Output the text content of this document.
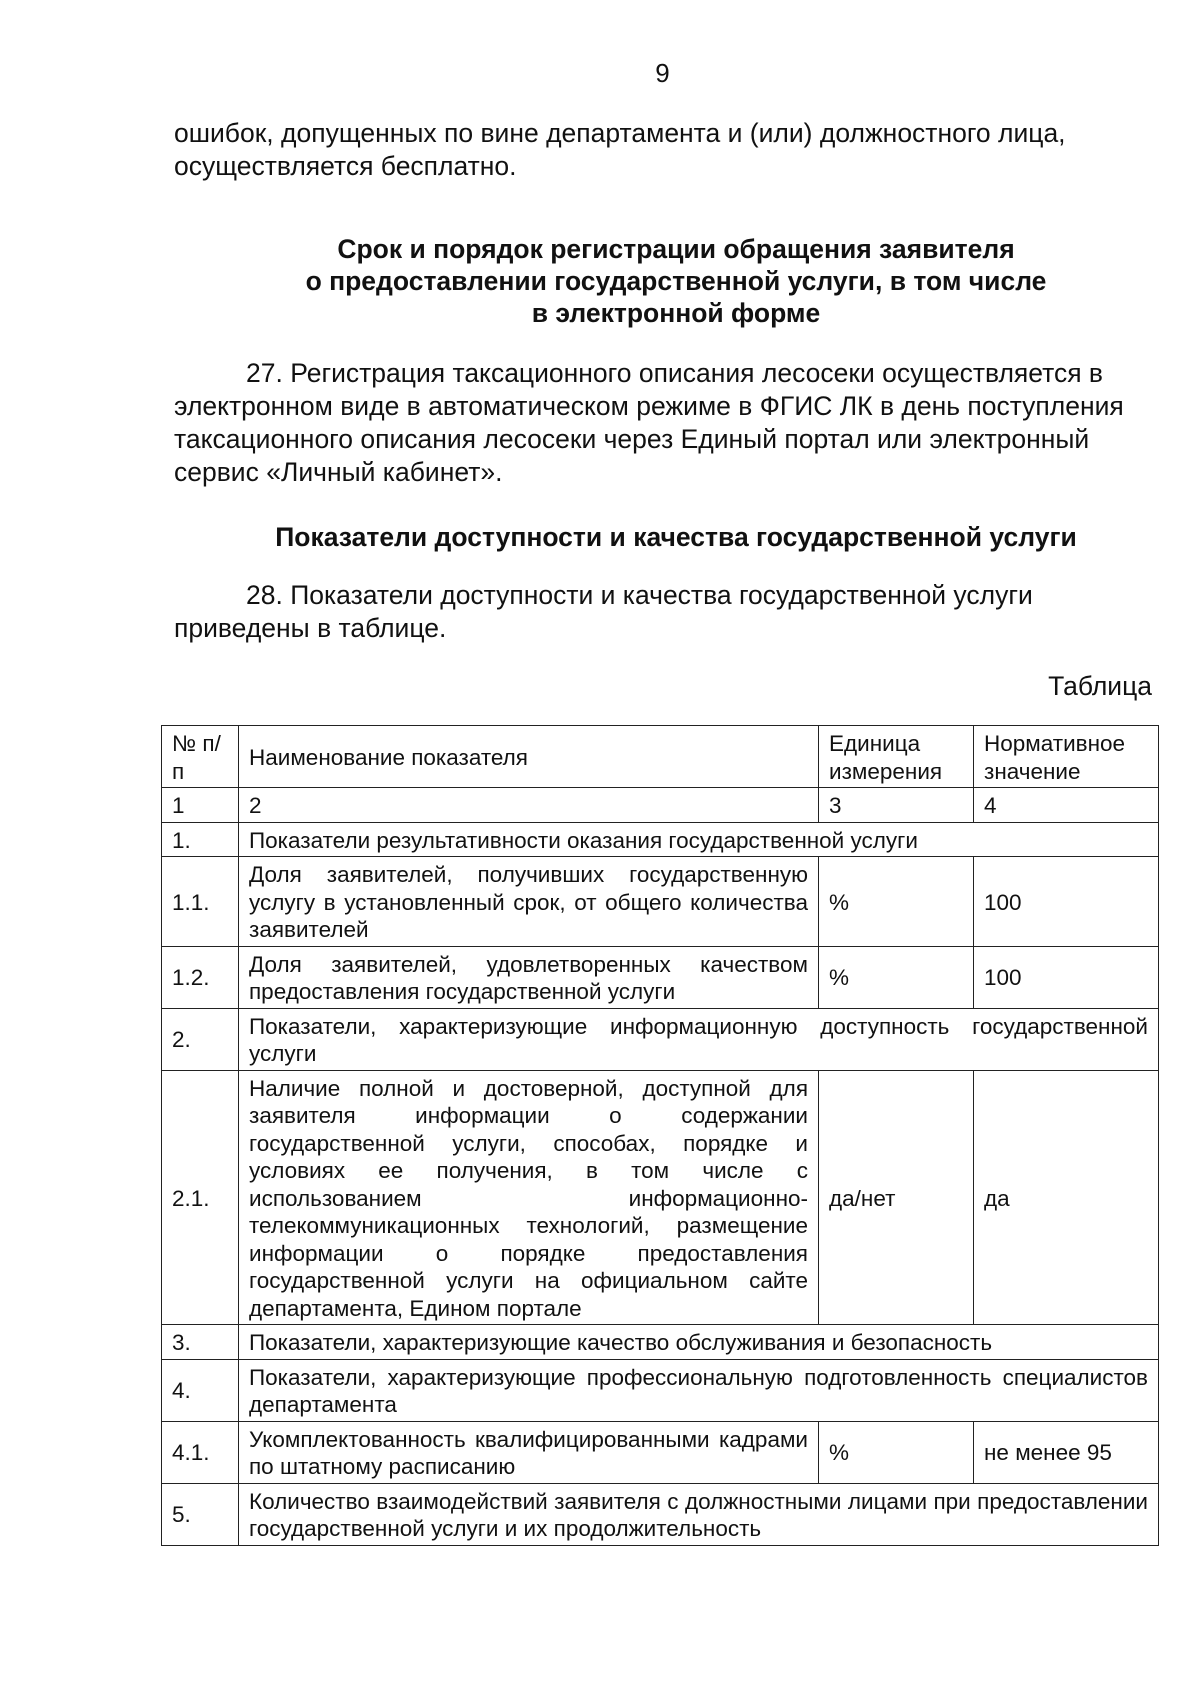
9

ошибок, допущенных по вине департамента и (или) должностного лица, осуществляется бесплатно.

Срок и порядок регистрации обращения заявителя
о предоставлении государственной услуги, в том числе
в электронной форме

27. Регистрация таксационного описания лесосеки осуществляется в электронном виде в автоматическом режиме в ФГИС ЛК в день поступления таксационного описания лесосеки через Единый портал или электронный сервис «Личный кабинет».

Показатели доступности и качества государственной услуги

28. Показатели доступности и качества государственной услуги приведены в таблице.

Таблица
№ п/п	Наименование показателя	Единица измерения	Нормативное значение
1	2	3	4
1.	Показатели результативности оказания государственной услуги		
1.1.	Доля заявителей, получивших государственную услугу в установленный срок, от общего количества заявителей	%	100
1.2.	Доля заявителей, удовлетворенных качеством предоставления государственной услуги	%	100
2.	Показатели, характеризующие информационную доступность государственной услуги		
2.1.	Наличие полной и достоверной, доступной для заявителя информации о содержании государственной услуги, способах, порядке и условиях ее получения, в том числе с использованием информационно-телекоммуникационных технологий, размещение информации о порядке предоставления государственной услуги на официальном сайте департамента, Едином портале	да/нет	да
3.	Показатели, характеризующие качество обслуживания и безопасность		
4.	Показатели, характеризующие профессиональную подготовленность специалистов департамента		
4.1.	Укомплектованность квалифицированными кадрами по штатному расписанию	%	не менее 95
5.	Количество взаимодействий заявителя с должностными лицами при предоставлении государственной услуги и их продолжительность		
